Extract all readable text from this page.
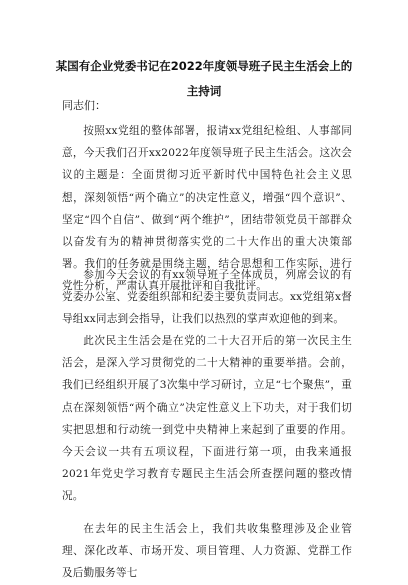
某国有企业党委书记在2022年度领导班子民主生活会上的
主持词
同志们：

按照xx党组的整体部署，报请xx党组纪检组、人事部同意，今天我们召开xx2022年度领导班子民主生活会。这次会议的主题是：全面贯彻习近平新时代中国特色社会主义思想，深刻领悟“两个确立”的决定性意义，增强“四个意识”、坚定“四个自信”、做到“两个维护”，团结带领党员干部群众以奋发有为的精神贯彻落实党的二十大作出的重大决策部署。我们的任务就是围绕主题，结合思想和工作实际，进行党性分析，严肃认真开展批评和自我批评。

参加今天会议的有xx领导班子全体成员，列席会议的有党委办公室、党委组织部和纪委主要负责同志。xx党组第x督导组xx同志到会指导，让我们以热烈的掌声欢迎他的到来。

此次民主生活会是在党的二十大召开后的第一次民主生活会，是深入学习贯彻党的二十大精神的重要举措。会前，我们已经组织开展了3次集中学习研讨，立足“七个聚焦”，重点在深刻领悟“两个确立”决定性意义上下功夫，对于我们切实把思想和行动统一到党中央精神上来起到了重要的作用。今天会议一共有五项议程，下面进行第一项，由我来通报2021年党史学习教育专题民主生活会所查摆问题的整改情况。

在去年的民主生活会上，我们共收集整理涉及企业管理、深化改革、市场开发、项目管理、人力资源、党群工作及后勤服务等七
